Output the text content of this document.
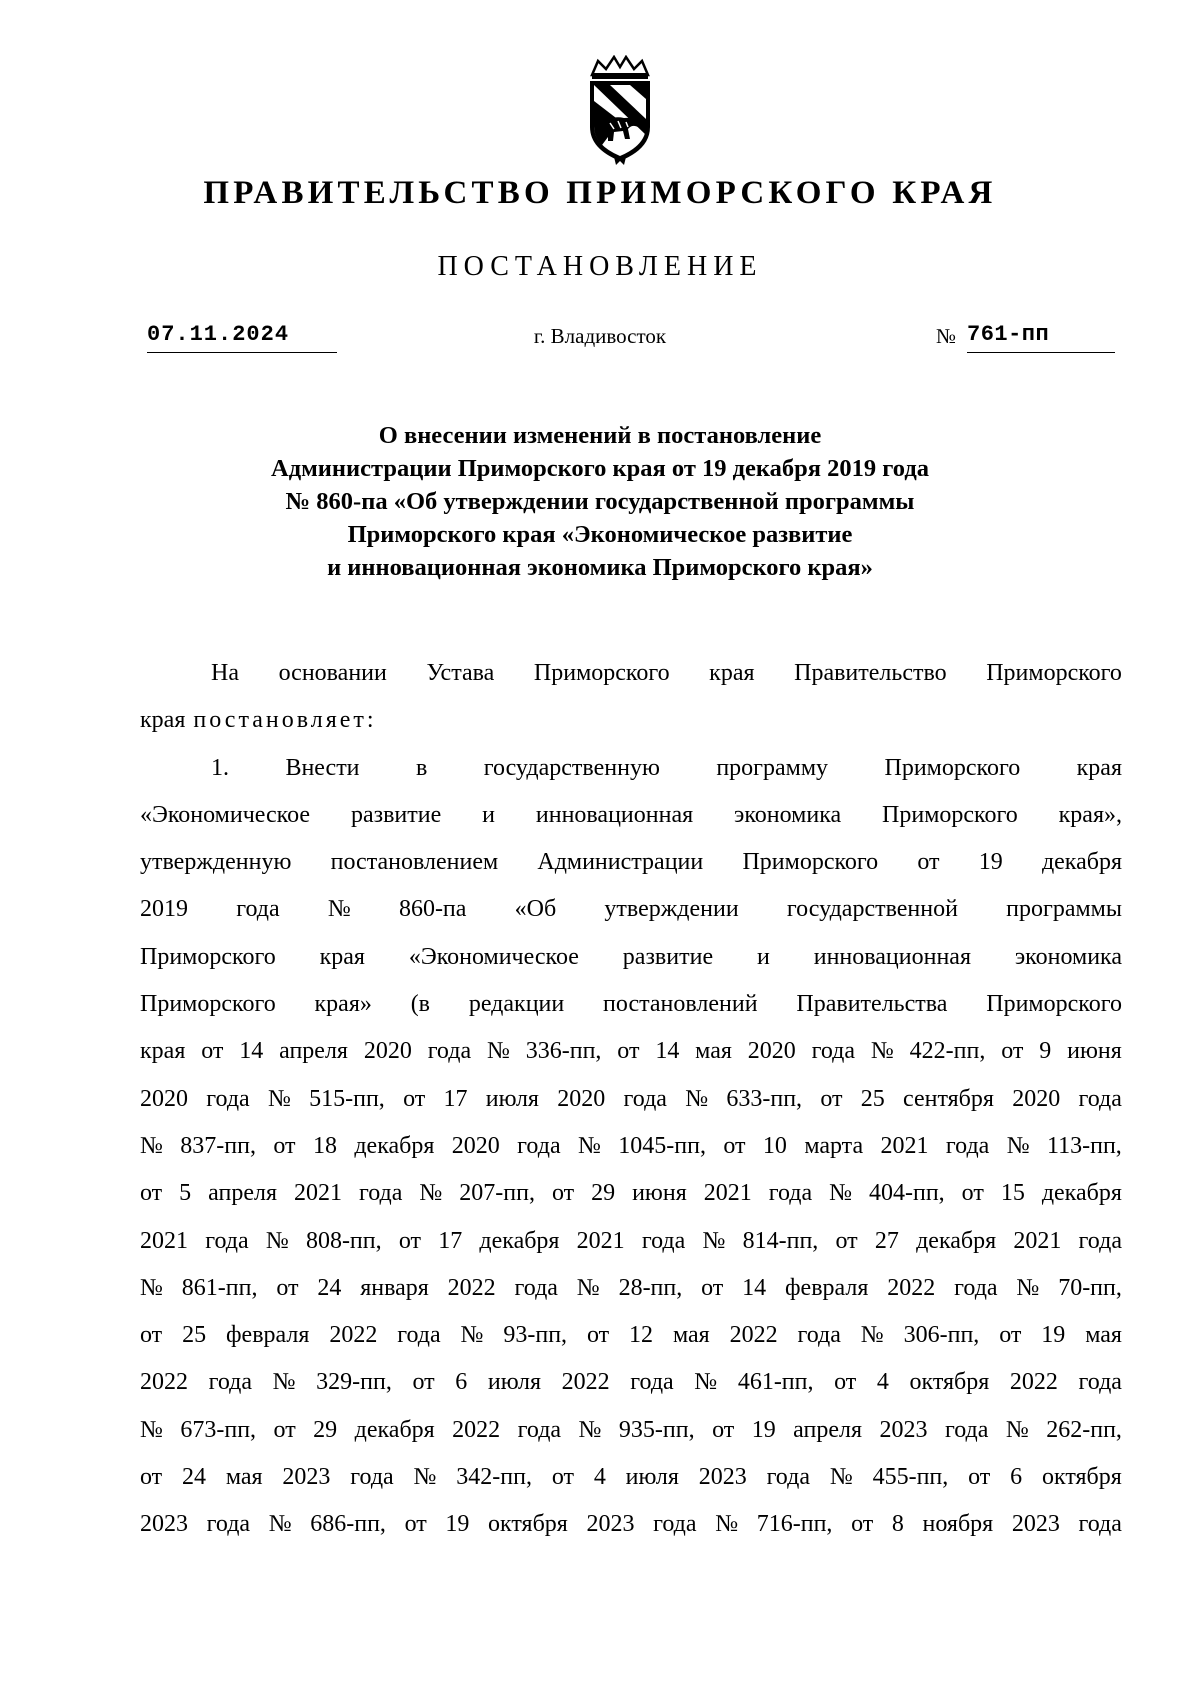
ПРАВИТЕЛЬСТВО ПРИМОРСКОГО КРАЯ
ПОСТАНОВЛЕНИЕ
07.11.2024	г. Владивосток	№ 761-пп
О внесении изменений в постановление
Администрации Приморского края от 19 декабря 2019 года
№ 860-па «Об утверждении государственной программы
Приморского края «Экономическое развитие
и инновационная экономика Приморского края»
На основании Устава Приморского края Правительство Приморского
края постановляет:
1. Внести в государственную программу Приморского края
«Экономическое развитие и инновационная экономика Приморского края»,
утвержденную постановлением Администрации Приморского от 19 декабря
2019 года № 860-па «Об утверждении государственной программы
Приморского края «Экономическое развитие и инновационная экономика
Приморского края» (в редакции постановлений Правительства Приморского
края от 14 апреля 2020 года № 336-пп, от 14 мая 2020 года № 422-пп, от 9 июня
2020 года № 515-пп, от 17 июля 2020 года № 633-пп, от 25 сентября 2020 года
№ 837-пп, от 18 декабря 2020 года № 1045-пп, от 10 марта 2021 года № 113-пп,
от 5 апреля 2021 года № 207-пп, от 29 июня 2021 года № 404-пп, от 15 декабря
2021 года № 808-пп, от 17 декабря 2021 года № 814-пп, от 27 декабря 2021 года
№ 861-пп, от 24 января 2022 года № 28-пп, от 14 февраля 2022 года № 70-пп,
от 25 февраля 2022 года № 93-пп, от 12 мая 2022 года № 306-пп, от 19 мая
2022 года № 329-пп, от 6 июля 2022 года № 461-пп, от 4 октября 2022 года
№ 673-пп, от 29 декабря 2022 года № 935-пп, от 19 апреля 2023 года № 262-пп,
от 24 мая 2023 года № 342-пп, от 4 июля 2023 года № 455-пп, от 6 октября
2023 года № 686-пп, от 19 октября 2023 года № 716-пп, от 8 ноября 2023 года
